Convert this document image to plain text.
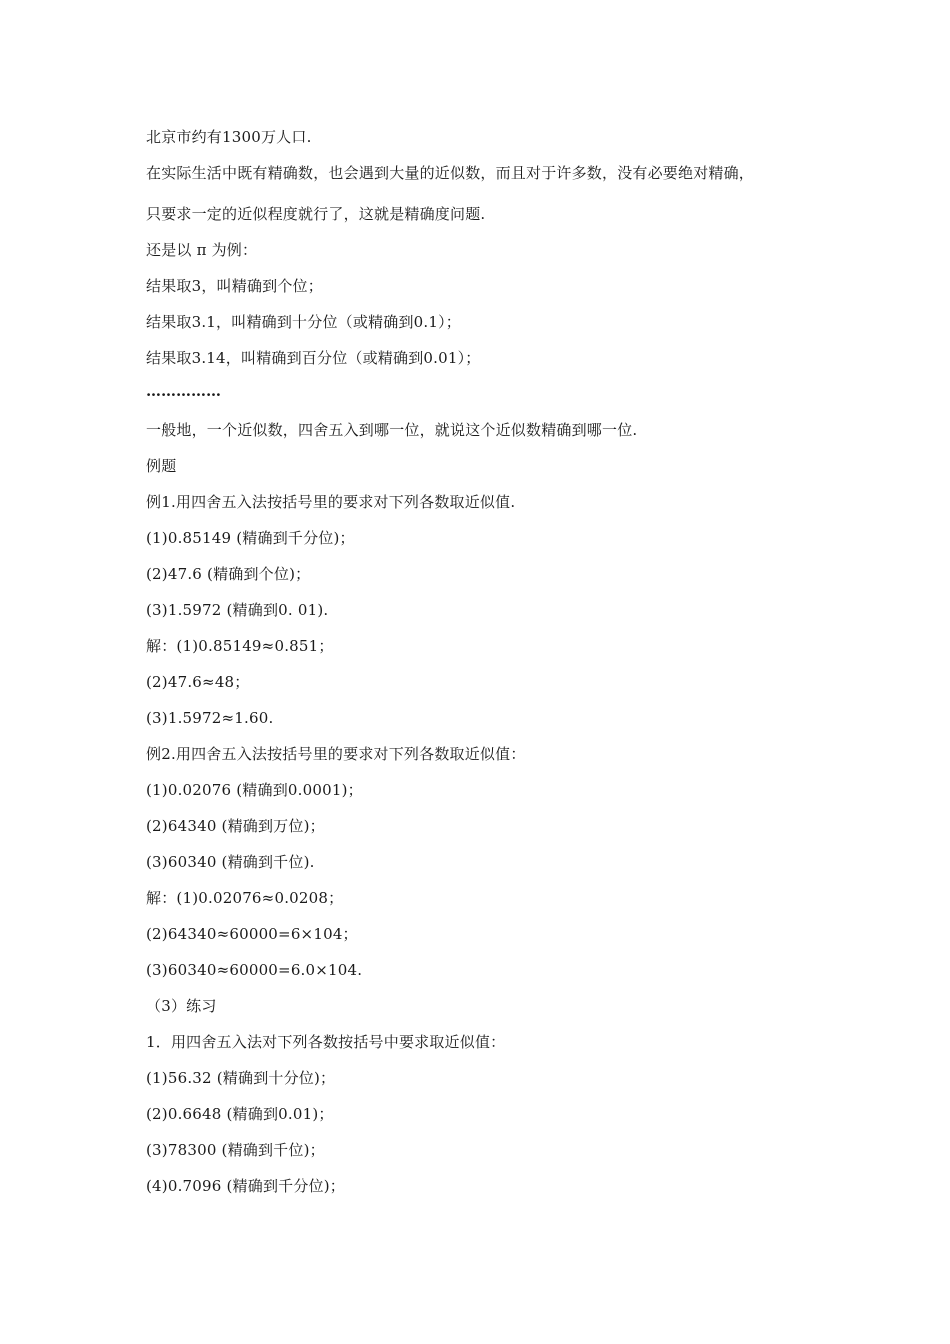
北京市约有1300万人口.
在实际生活中既有精确数，也会遇到大量的近似数，而且对于许多数，没有必要绝对精确，
只要求一定的近似程度就行了，这就是精确度问题.
还是以 π 为例：
结果取3，叫精确到个位；
结果取3.1，叫精确到十分位（或精确到0.1）；
结果取3.14，叫精确到百分位（或精确到0.01）；
……………
一般地，一个近似数，四舍五入到哪一位，就说这个近似数精确到哪一位.
例题
例1.用四舍五入法按括号里的要求对下列各数取近似值.
(1)0.85149 (精确到千分位)；
(2)47.6 (精确到个位)；
(3)1.5972 (精确到0. 01).
解：(1)0.85149≈0.851；
(2)47.6≈48；
(3)1.5972≈1.60.
例2.用四舍五入法按括号里的要求对下列各数取近似值：
(1)0.02076 (精确到0.0001)；
(2)64340 (精确到万位)；
(3)60340 (精确到千位).
解：(1)0.02076≈0.0208；
(2)64340≈60000=6×104；
(3)60340≈60000=6.0×104.
（3）练习
1．用四舍五入法对下列各数按括号中要求取近似值：
(1)56.32 (精确到十分位)；
(2)0.6648 (精确到0.01)；
(3)78300 (精确到千位)；
(4)0.7096 (精确到千分位)；
